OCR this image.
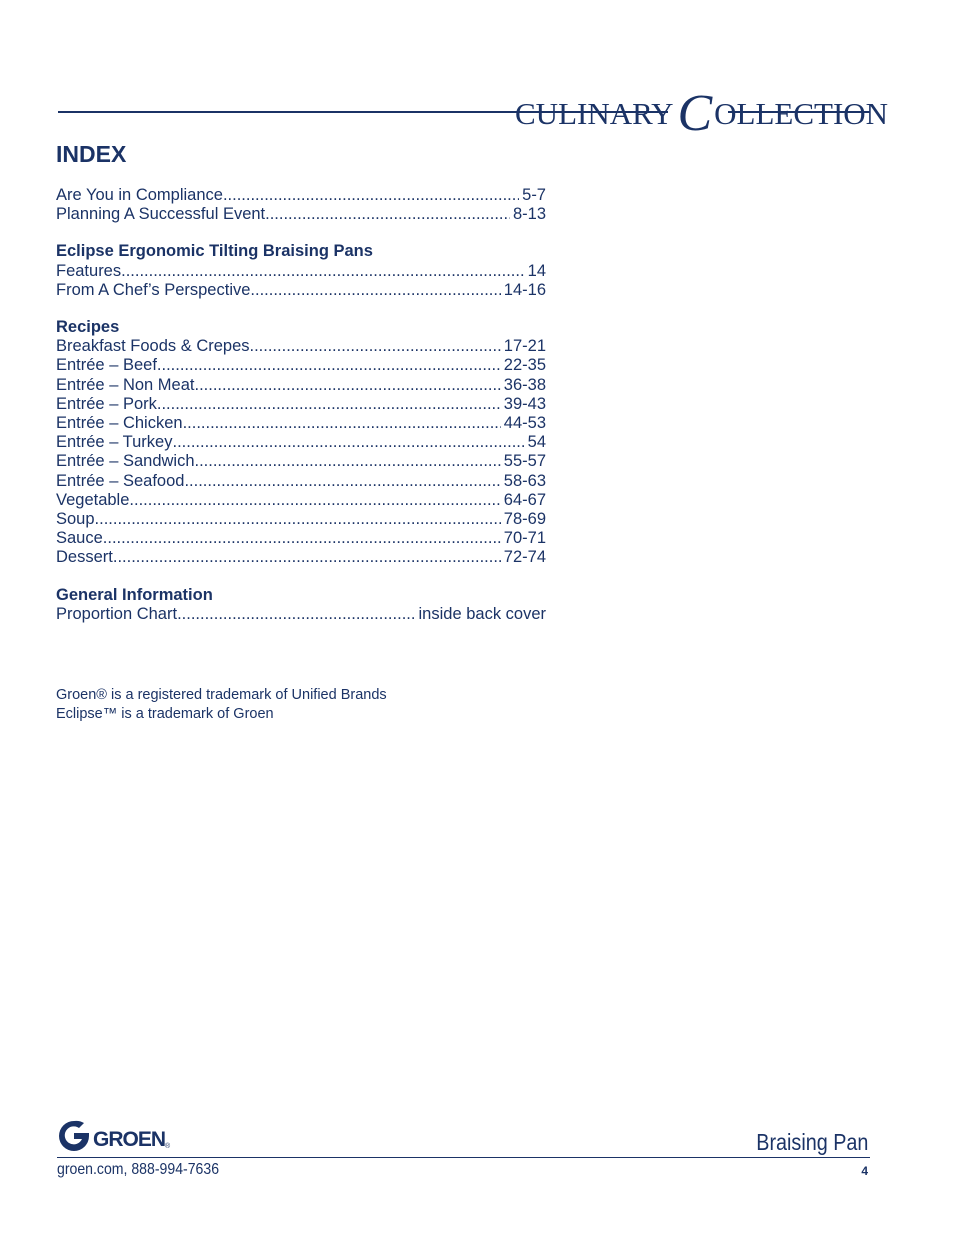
CULINARYCOLLECTION
INDEX
Are You in Compliance .....	5-7
Planning A Successful Event .....	8-13
Eclipse Ergonomic Tilting Braising Pans
Features .....	14
From A Chef’s Perspective .....	14-16
Recipes
Breakfast Foods & Crepes .....	17-21
Entrée – Beef .....	22-35
Entrée – Non Meat .....	36-38
Entrée – Pork .....	39-43
Entrée – Chicken .....	44-53
Entrée – Turkey .....	54
Entrée – Sandwich .....	55-57
Entrée – Seafood .....	58-63
Vegetable .....	64-67
Soup .....	78-69
Sauce .....	70-71
Dessert .....	72-74
General Information
Proportion Chart .....	inside back cover
Groen® is a registered trademark of Unified Brands
Eclipse™ is a trademark of Groen
GROEN ®	Braising Pan
groen.com, 888-994-7636	4
